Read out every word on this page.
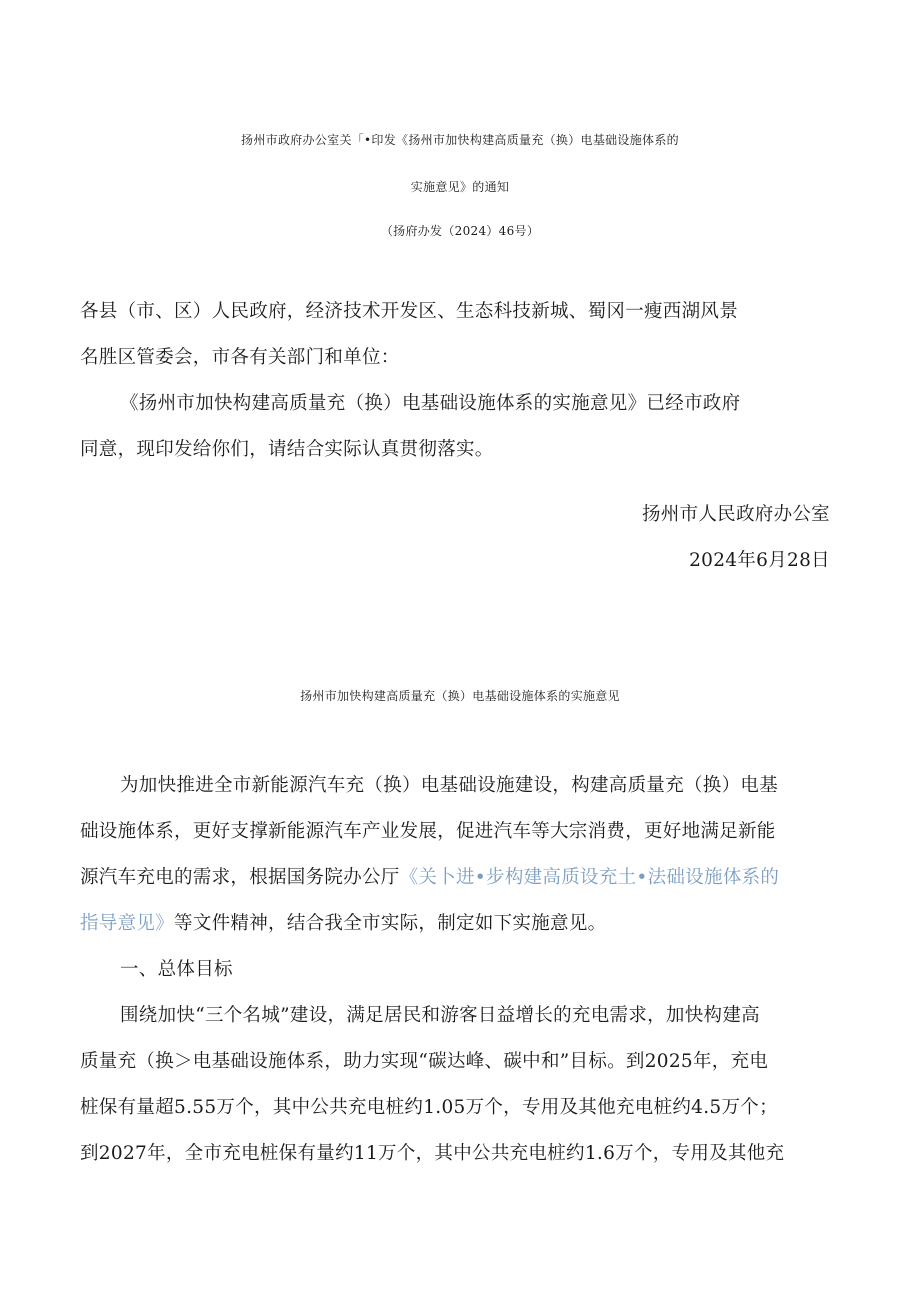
扬州市政府办公室关「•印发《扬州市加快构建高质量充（换）电基础设施体系的
实施意见》的通知
（扬府办发（2024）46号）
各县（市、区）人民政府，经济技术开发区、生态科技新城、蜀冈一瘦西湖风景
名胜区管委会，市各有关部门和单位：
《扬州市加快构建高质量充（换）电基础设施体系的实施意见》已经市政府
同意，现印发给你们，请结合实际认真贯彻落实。
扬州市人民政府办公室
2024年6月28日
扬州市加快构建高质量充（换）电基础设施体系的实施意见
为加快推进全市新能源汽车充（换）电基础设施建设，构建高质量充（换）电基
础设施体系，更好支撑新能源汽车产业发展，促进汽车等大宗消费，更好地满足新能
源汽车充电的需求，根据国务院办公厅《关卜进•步构建高质设充土•法础设施体系的
指导意见》等文件精神，结合我全市实际，制定如下实施意见。
一、总体目标
围绕加快“三个名城”建设，满足居民和游客日益增长的充电需求，加快构建高
质量充（换＞电基础设施体系，助力实现“碳达峰、碳中和”目标。到2025年，充电
桩保有量超5.55万个，其中公共充电桩约1.05万个，专用及其他充电桩约4.5万个；
到2027年，全市充电桩保有量约11万个，其中公共充电桩约1.6万个，专用及其他充
